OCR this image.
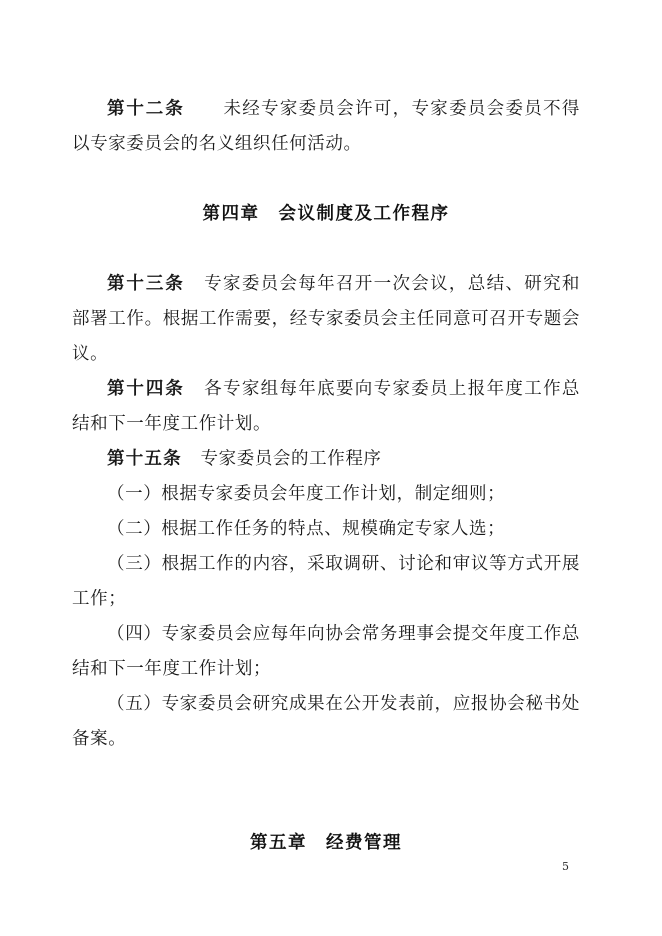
第十二条 未经专家委员会许可，专家委员会委员不得以专家委员会的名义组织任何活动。

第四章　会议制度及工作程序

第十三条 专家委员会每年召开一次会议，总结、研究和部署工作。根据工作需要，经专家委员会主任同意可召开专题会议。

第十四条 各专家组每年底要向专家委员上报年度工作总结和下一年度工作计划。

第十五条 专家委员会的工作程序

（一）根据专家委员会年度工作计划，制定细则；

（二）根据工作任务的特点、规模确定专家人选；

（三）根据工作的内容，采取调研、讨论和审议等方式开展工作；

（四）专家委员会应每年向协会常务理事会提交年度工作总结和下一年度工作计划；

（五）专家委员会研究成果在公开发表前，应报协会秘书处备案。

第五章　经费管理

5
